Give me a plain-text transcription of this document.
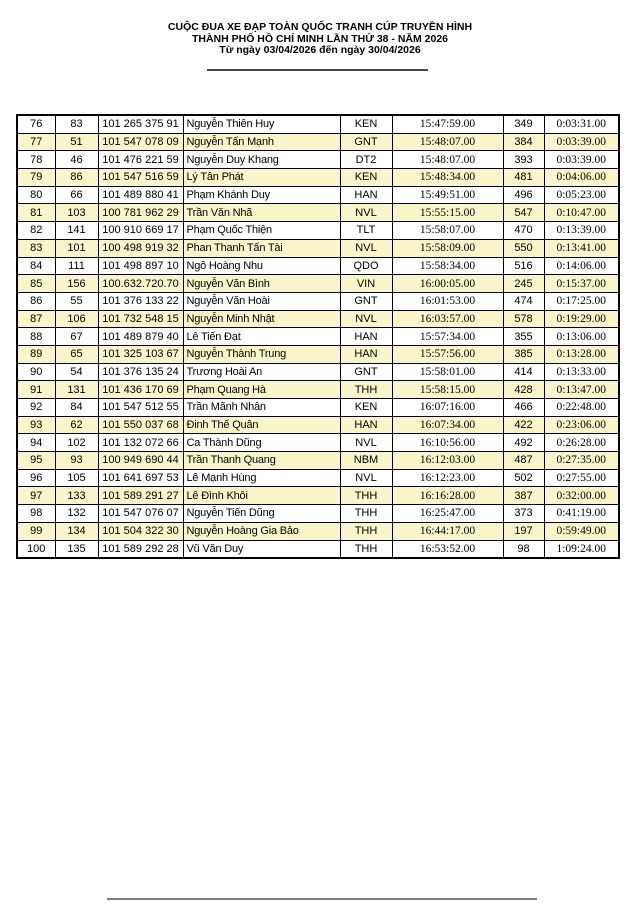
CUỘC ĐUA XE ĐẠP TOÀN QUỐC TRANH CÚP TRUYỀN HÌNH
THÀNH PHỐ HỒ CHÍ MINH LẦN THỨ 38 - NĂM 2026
Từ ngày 03/04/2026 đến ngày 30/04/2026
76	83	101 265 375 91	Nguyễn Thiên Huy	KEN	15:47:59.00	349	0:03:31.00
77	51	101 547 078 09	Nguyễn Tấn Mạnh	GNT	15:48:07.00	384	0:03:39.00
78	46	101 476 221 59	Nguyễn Duy Khang	DT2	15:48:07.00	393	0:03:39.00
79	86	101 547 516 59	Lý Tân Phát	KEN	15:48:34.00	481	0:04:06.00
80	66	101 489 880 41	Phạm Khánh Duy	HAN	15:49:51.00	496	0:05:23.00
81	103	100 781 962 29	Trần Văn Nhã	NVL	15:55:15.00	547	0:10:47.00
82	141	100 910 669 17	Phạm Quốc Thiện	TLT	15:58:07.00	470	0:13:39.00
83	101	100 498 919 32	Phan Thanh Tấn Tài	NVL	15:58:09.00	550	0:13:41.00
84	111	101 498 897 10	Ngô Hoàng Nhu	QDO	15:58:34.00	516	0:14:06.00
85	156	100.632.720.70	Nguyễn Văn Bình	VIN	16:00:05.00	245	0:15:37.00
86	55	101 376 133 22	Nguyễn Văn Hoài	GNT	16:01:53.00	474	0:17:25.00
87	106	101 732 548 15	Nguyễn Minh Nhật	NVL	16:03:57.00	578	0:19:29.00
88	67	101 489 879 40	Lê Tiến Đạt	HAN	15:57:34.00	355	0:13:06.00
89	65	101 325 103 67	Nguyễn Thành Trung	HAN	15:57:56.00	385	0:13:28.00
90	54	101 376 135 24	Trương Hoài An	GNT	15:58:01.00	414	0:13:33.00
91	131	101 436 170 69	Phạm Quang Hà	THH	15:58:15.00	428	0:13:47.00
92	84	101 547 512 55	Trần Mãnh Nhân	KEN	16:07:16.00	466	0:22:48.00
93	62	101 550 037 68	Đinh Thế Quân	HAN	16:07:34.00	422	0:23:06.00
94	102	101 132 072 66	Ca Thành Dũng	NVL	16:10:56.00	492	0:26:28.00
95	93	100 949 690 44	Trần Thanh Quang	NBM	16:12:03.00	487	0:27:35.00
96	105	101 641 697 53	Lê Mạnh Hùng	NVL	16:12:23.00	502	0:27:55.00
97	133	101 589 291 27	Lê Đình Khôi	THH	16:16:28.00	387	0:32:00.00
98	132	101 547 076 07	Nguyễn Tiến Dũng	THH	16:25:47.00	373	0:41:19.00
99	134	101 504 322 30	Nguyễn Hoàng Gia Bảo	THH	16:44:17.00	197	0:59:49.00
100	135	101 589 292 28	Vũ Văn Duy	THH	16:53:52.00	98	1:09:24.00
